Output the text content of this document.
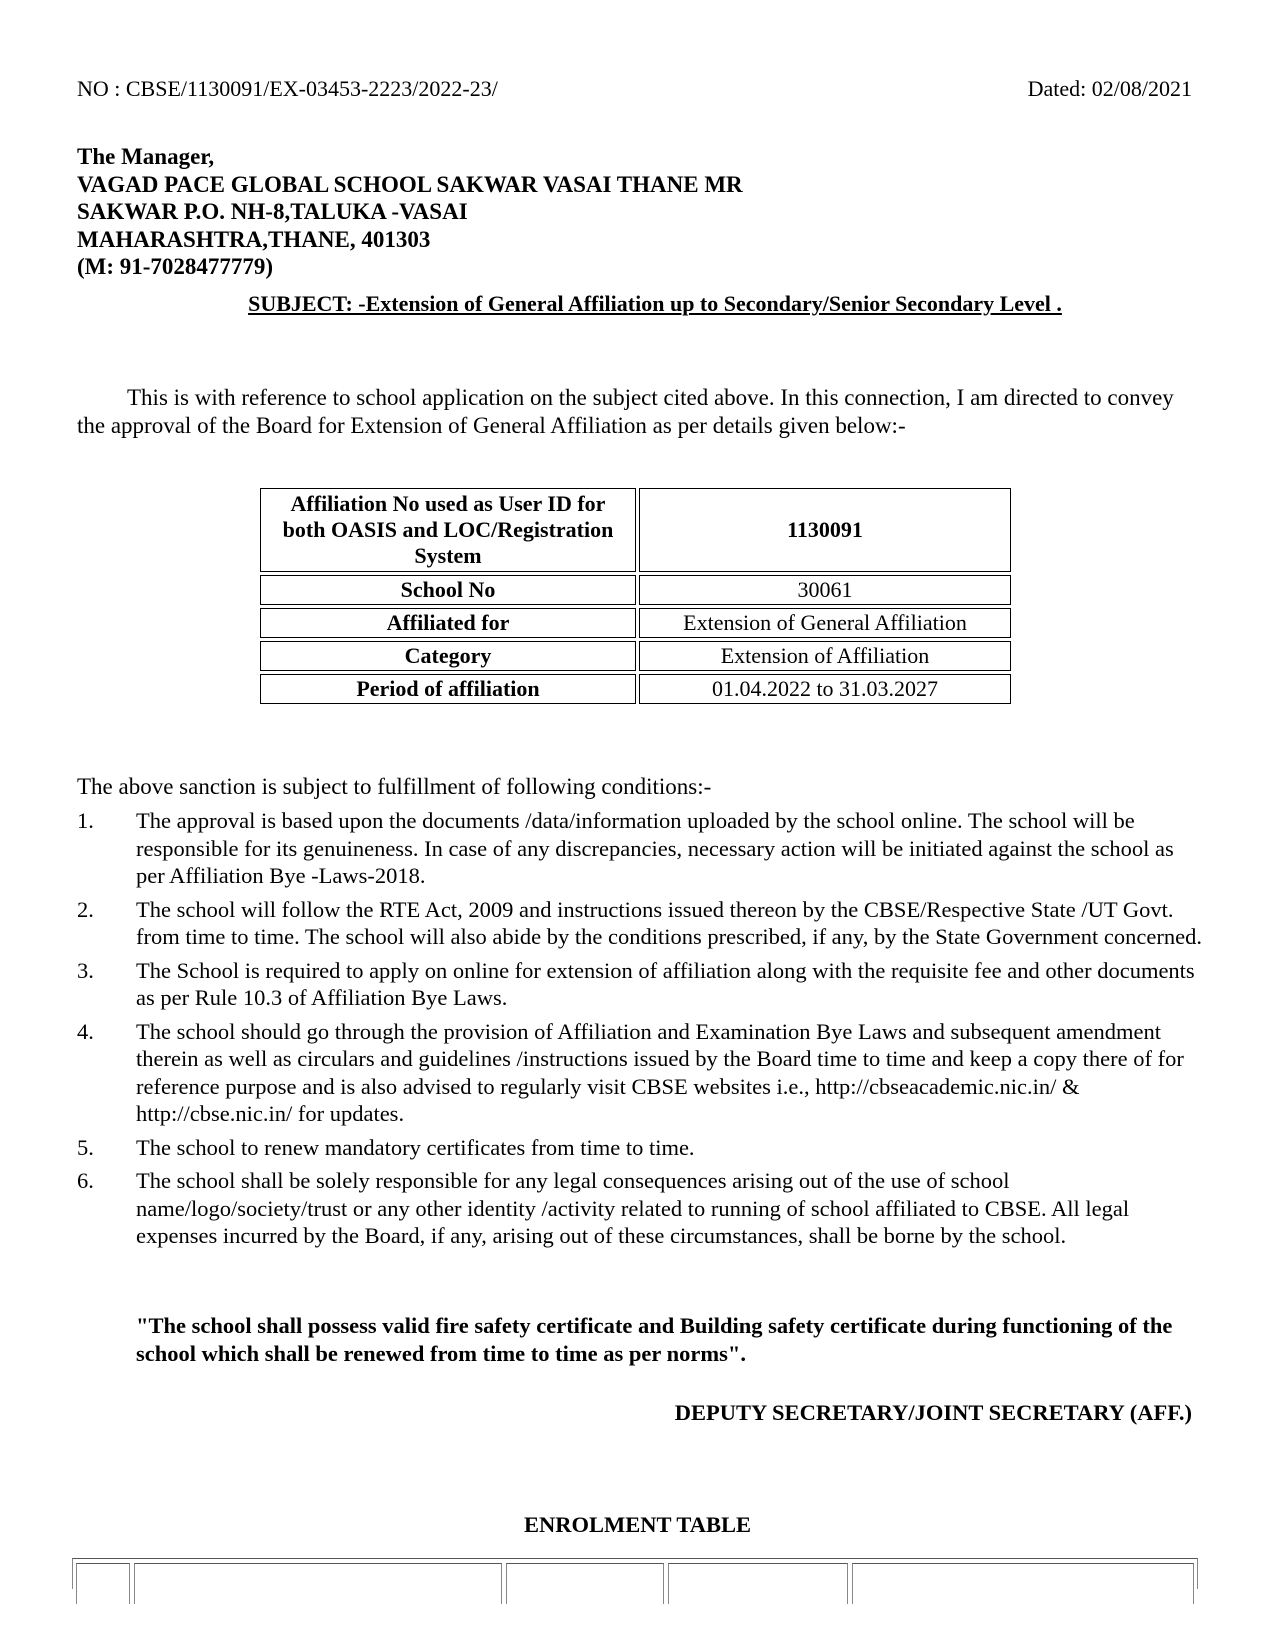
NO : CBSE/1130091/EX-03453-2223/2022-23/	Dated: 02/08/2021
The Manager,
VAGAD PACE GLOBAL SCHOOL SAKWAR VASAI THANE MR
SAKWAR P.O. NH-8,TALUKA -VASAI
MAHARASHTRA,THANE, 401303
(M: 91-7028477779)
SUBJECT: -Extension of General Affiliation up to Secondary/Senior Secondary Level .
This is with reference to school application on the subject cited above. In this connection, I am directed to convey the approval of the Board for Extension of General Affiliation as per details given below:-
Affiliation No used as User ID for both OASIS and LOC/Registration System	1130091
School No	30061
Affiliated for	Extension of General Affiliation
Category	Extension of Affiliation
Period of affiliation	01.04.2022 to 31.03.2027
The above sanction is subject to fulfillment of following conditions:-
1. The approval is based upon the documents /data/information uploaded by the school online. The school will be responsible for its genuineness. In case of any discrepancies, necessary action will be initiated against the school as per Affiliation Bye -Laws-2018.
2. The school will follow the RTE Act, 2009 and instructions issued thereon by the CBSE/Respective State /UT Govt. from time to time. The school will also abide by the conditions prescribed, if any, by the State Government concerned.
3. The School is required to apply on online for extension of affiliation along with the requisite fee and other documents as per Rule 10.3 of Affiliation Bye Laws.
4. The school should go through the provision of Affiliation and Examination Bye Laws and subsequent amendment therein as well as circulars and guidelines /instructions issued by the Board time to time and keep a copy there of for reference purpose and is also advised to regularly visit CBSE websites i.e., http://cbseacademic.nic.in/ & http://cbse.nic.in/ for updates.
5. The school to renew mandatory certificates from time to time.
6. The school shall be solely responsible for any legal consequences arising out of the use of school name/logo/society/trust or any other identity /activity related to running of school affiliated to CBSE. All legal expenses incurred by the Board, if any, arising out of these circumstances, shall be borne by the school.
"The school shall possess valid fire safety certificate and Building safety certificate during functioning of the school which shall be renewed from time to time as per norms".
DEPUTY SECRETARY/JOINT SECRETARY (AFF.)
ENROLMENT TABLE
